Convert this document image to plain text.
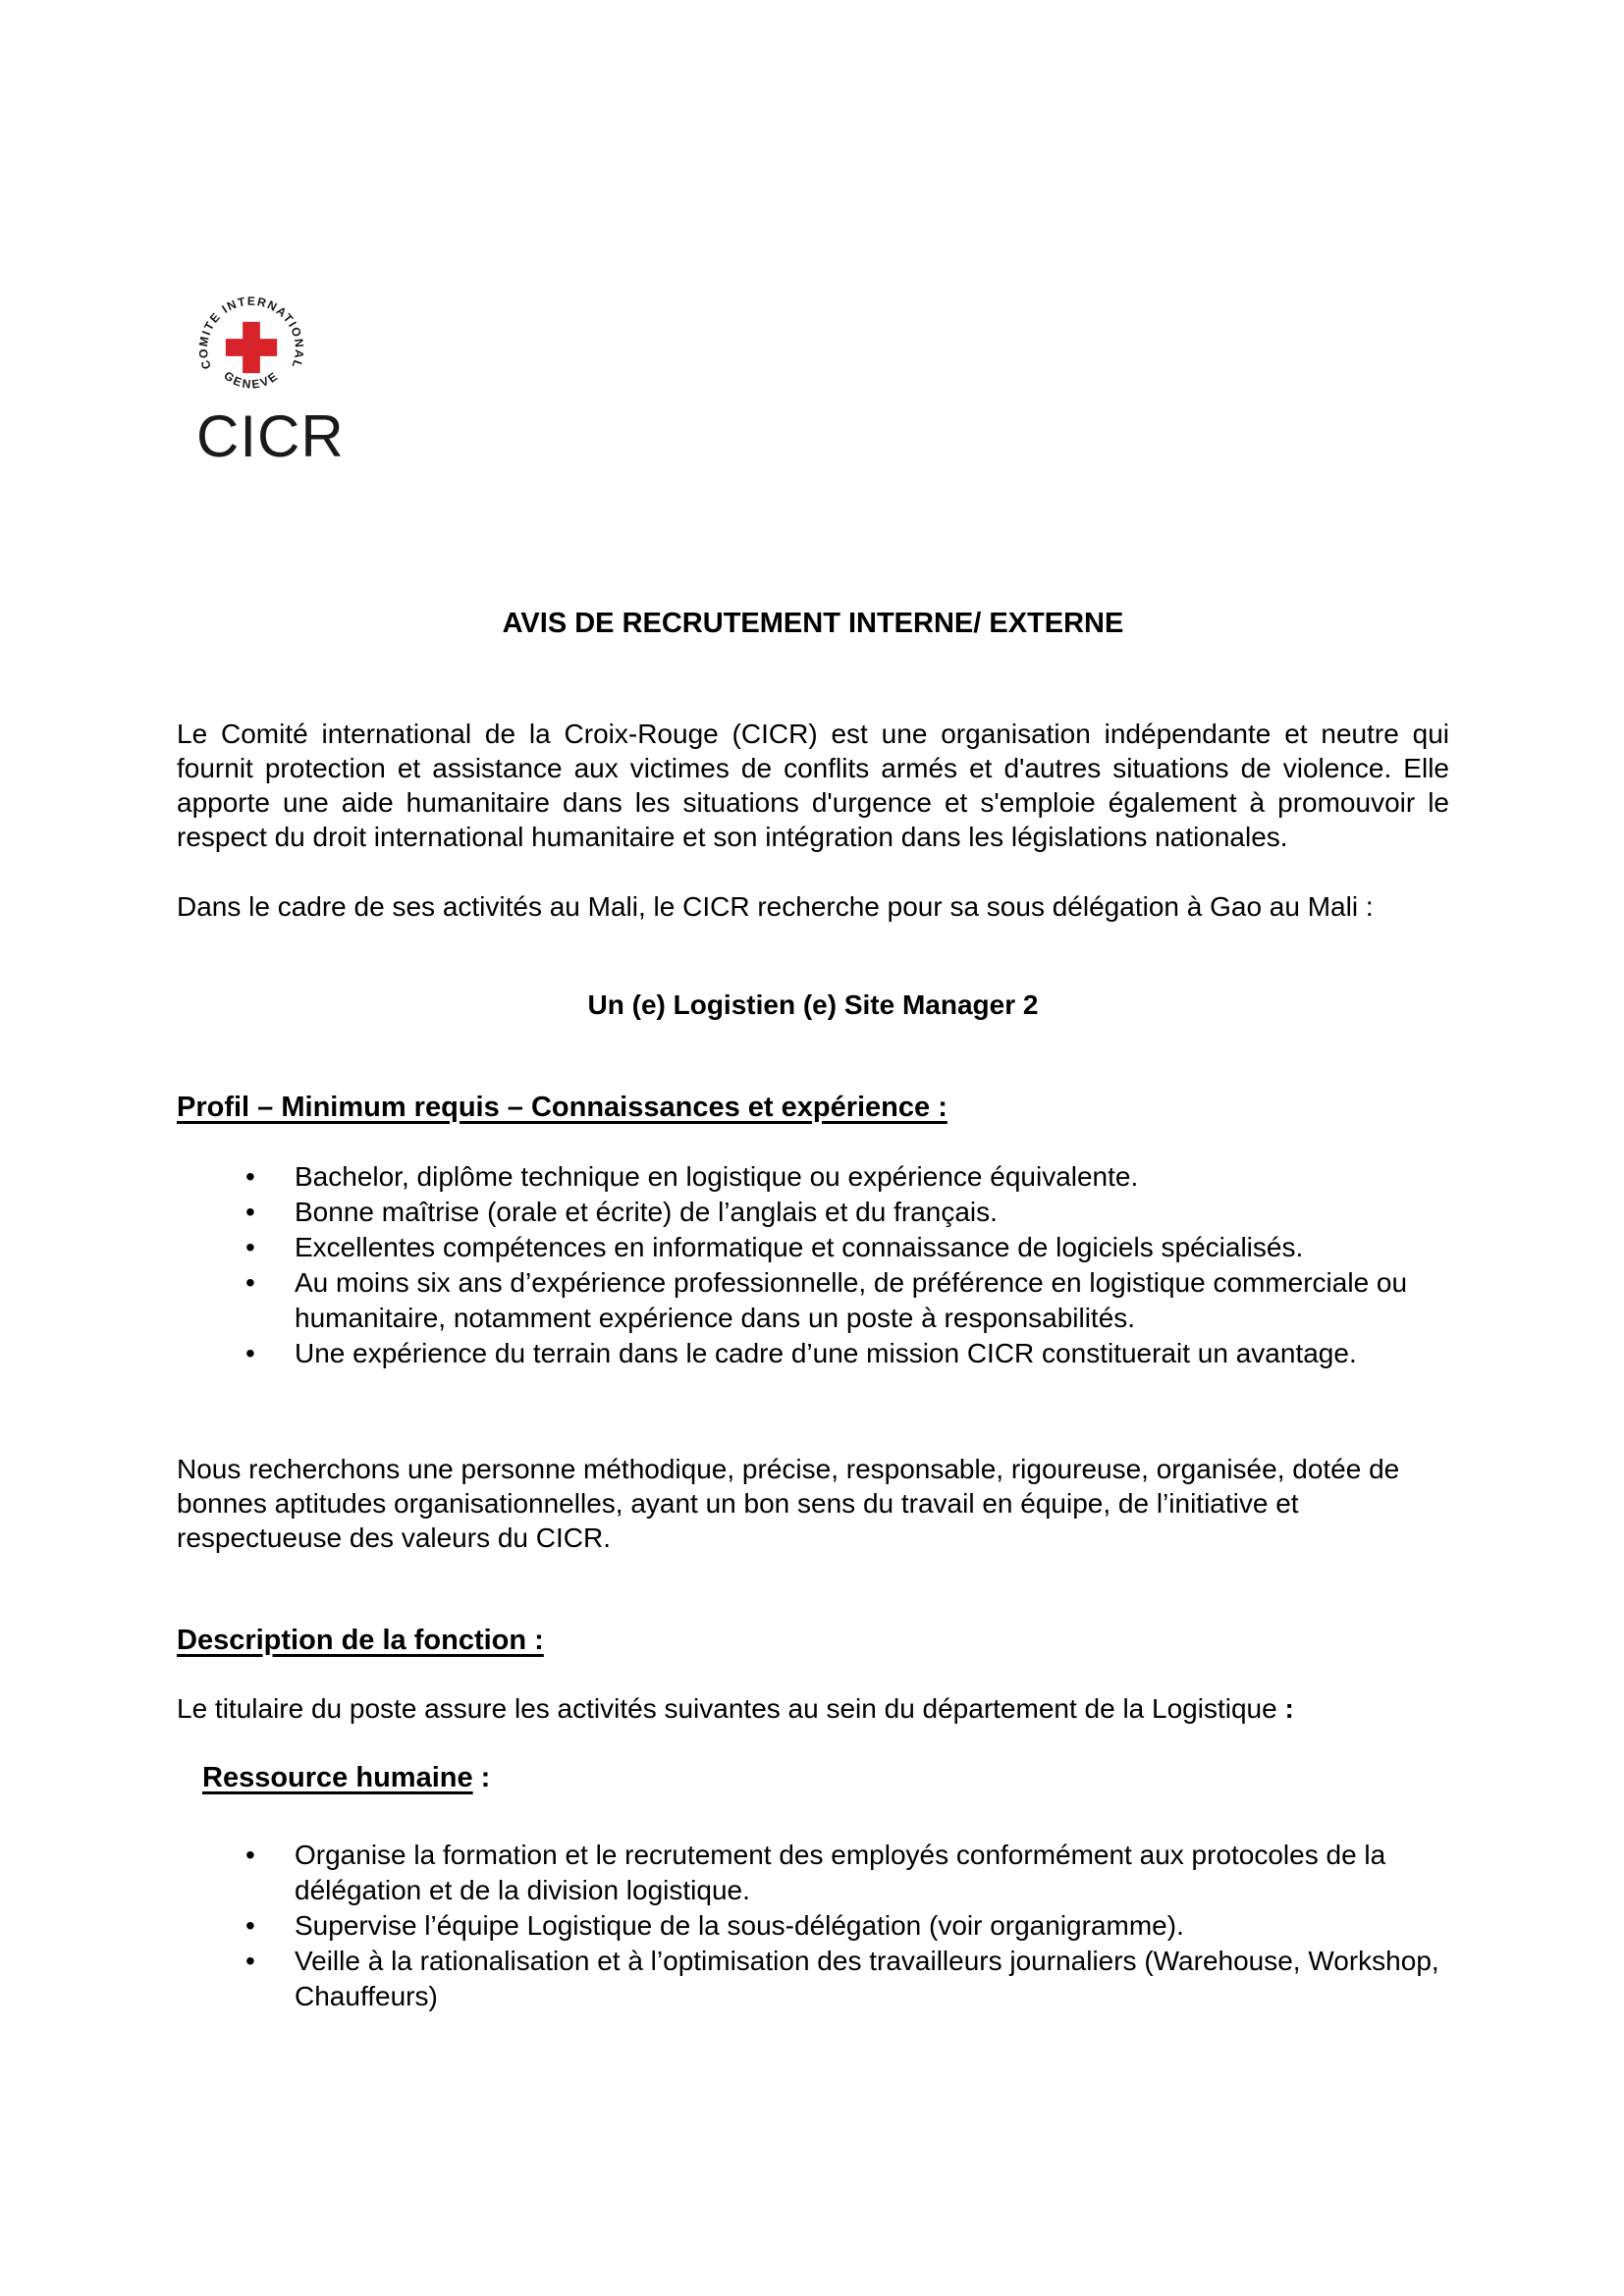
COMITE INTERNATIONAL
GENEVE
CICR
AVIS DE RECRUTEMENT INTERNE/ EXTERNE

Le Comité international de la Croix-Rouge (CICR) est une organisation indépendante et neutre qui fournit protection et assistance aux victimes de conflits armés et d'autres situations de violence. Elle apporte une aide humanitaire dans les situations d'urgence et s'emploie également à promouvoir le respect du droit international humanitaire et son intégration dans les législations nationales.

Dans le cadre de ses activités au Mali, le CICR recherche pour sa sous délégation à Gao au Mali :

Un (e) Logistien (e) Site Manager 2
Profil – Minimum requis – Connaissances et expérience :
• Bachelor, diplôme technique en logistique ou expérience équivalente.
• Bonne maîtrise (orale et écrite) de l’anglais et du français.
• Excellentes compétences en informatique et connaissance de logiciels spécialisés.
• Au moins six ans d’expérience professionnelle, de préférence en logistique commerciale ou humanitaire, notamment expérience dans un poste à responsabilités.
• Une expérience du terrain dans le cadre d’une mission CICR constituerait un avantage.

Nous recherchons une personne méthodique, précise, responsable, rigoureuse, organisée, dotée de bonnes aptitudes organisationnelles, ayant un bon sens du travail en équipe, de l’initiative et respectueuse des valeurs du CICR.

Description de la fonction :

Le titulaire du poste assure les activités suivantes au sein du département de la Logistique :

Ressource humaine :
• Organise la formation et le recrutement des employés conformément aux protocoles de la délégation et de la division logistique.
• Supervise l’équipe Logistique de la sous-délégation (voir organigramme).
• Veille à la rationalisation et à l’optimisation des travailleurs journaliers (Warehouse, Workshop, Chauffeurs)
